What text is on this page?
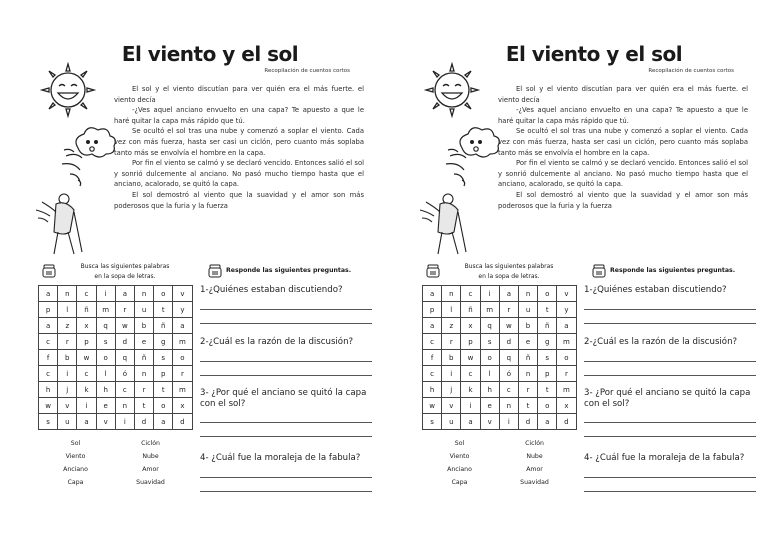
El viento y el sol
Recopilación de cuentos cortos

El sol y el viento discutían para ver quién era el más fuerte. el viento decía

-¿Ves aquel anciano envuelto en una capa? Te apuesto a que le haré quitar la capa más rápido que tú.

Se ocultó el sol tras una nube y comenzó a soplar el viento. Cada vez con más fuerza, hasta ser casi un ciclón, pero cuanto más soplaba tanto más se envolvía el hombre en la capa.

Por fin el viento se calmó y se declaró vencido. Entonces salió el sol y sonrió dulcemente al anciano. No pasó mucho tiempo hasta que el anciano, acalorado, se quitó la capa.

El sol demostró al viento que la suavidad y el amor son más poderosos que la furia y la fuerza

Busca las siguientes palabras
en la sopa de letras.
a	n	c	i	a	n	o	v
p	l	ñ	m	r	u	t	y
a	z	x	q	w	b	ñ	a
c	r	p	s	d	e	g	m
f	b	w	o	q	ñ	s	o
c	i	c	l	ó	n	p	r
h	j	k	h	c	r	t	m
w	v	i	e	n	t	o	x
s	u	a	v	i	d	a	d
Sol	Ciclón
Viento	Nube
Anciano	Amor
Capa	Suavidad
Responde las siguientes preguntas.
1-¿Quiénes estaban discutiendo?
2-¿Cuál es la razón de la discusión?
3- ¿Por qué el anciano se quitó la capa con el sol?
4- ¿Cuál fue la moraleja de la fabula?
El viento y el sol
Recopilación de cuentos cortos

El sol y el viento discutían para ver quién era el más fuerte. el viento decía

-¿Ves aquel anciano envuelto en una capa? Te apuesto a que le haré quitar la capa más rápido que tú.

Se ocultó el sol tras una nube y comenzó a soplar el viento. Cada vez con más fuerza, hasta ser casi un ciclón, pero cuanto más soplaba tanto más se envolvía el hombre en la capa.

Por fin el viento se calmó y se declaró vencido. Entonces salió el sol y sonrió dulcemente al anciano. No pasó mucho tiempo hasta que el anciano, acalorado, se quitó la capa.

El sol demostró al viento que la suavidad y el amor son más poderosos que la furia y la fuerza

Busca las siguientes palabras
en la sopa de letras.
a	n	c	i	a	n	o	v
p	l	ñ	m	r	u	t	y
a	z	x	q	w	b	ñ	a
c	r	p	s	d	e	g	m
f	b	w	o	q	ñ	s	o
c	i	c	l	ó	n	p	r
h	j	k	h	c	r	t	m
w	v	i	e	n	t	o	x
s	u	a	v	i	d	a	d
Sol	Ciclón
Viento	Nube
Anciano	Amor
Capa	Suavidad
Responde las siguientes preguntas.
1-¿Quiénes estaban discutiendo?
2-¿Cuál es la razón de la discusión?
3- ¿Por qué el anciano se quitó la capa con el sol?
4- ¿Cuál fue la moraleja de la fabula?
